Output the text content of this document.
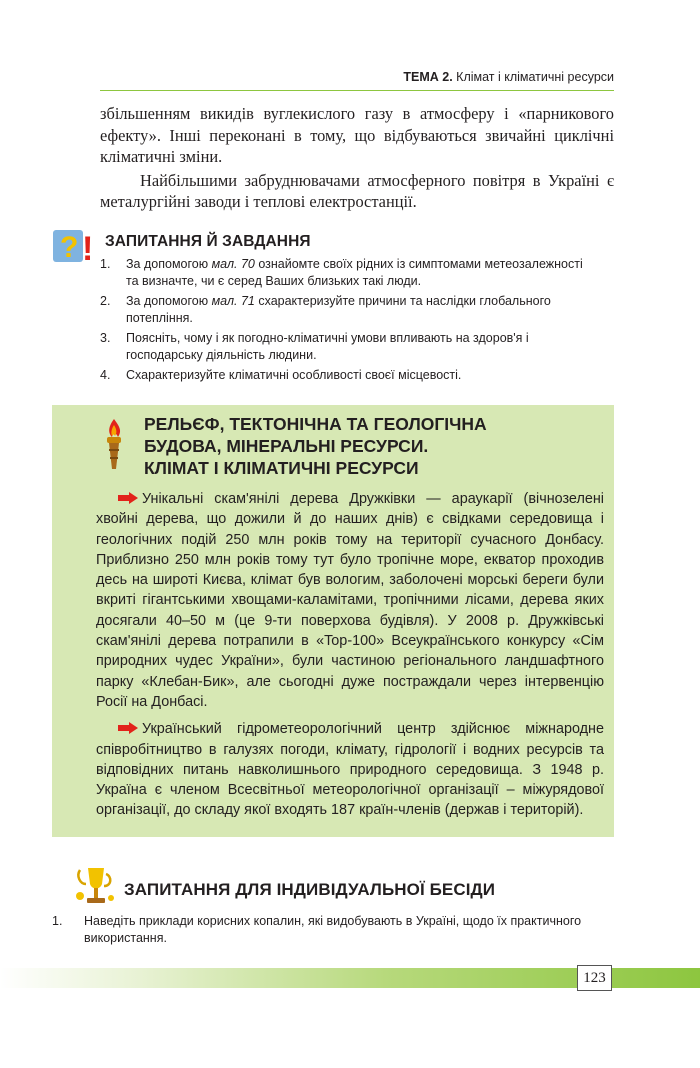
ТЕМА 2. Клімат і кліматичні ресурси

збільшенням викидів вуглекислого газу в атмосферу і «парникового ефекту». Інші переконані в тому, що відбуваються звичайні циклічні кліматичні зміни.

Найбільшими забруднювачами атмосферного повітря в Україні є металургійні заводи і теплові електростанції.

? ! ЗАПИТАННЯ Й ЗАВДАННЯ
1. За допомогою мал. 70 ознайомте своїх рідних із симптомами метеозалежності та визначте, чи є серед Ваших близьких такі люди.
2. За допомогою мал. 71 схарактеризуйте причини та наслідки глобального потепління.
3. Поясніть, чому і як погодно-кліматичні умови впливають на здоров'я і господарську діяльність людини.
4. Схарактеризуйте кліматичні особливості своєї місцевості.
РЕЛЬЄФ, ТЕКТОНІЧНА ТА ГЕОЛОГІЧНА
БУДОВА, МІНЕРАЛЬНІ РЕСУРСИ.
КЛІМАТ І КЛІМАТИЧНІ РЕСУРСИ

Унікальні скам'янілі дерева Дружківки — араукарії (вічнозелені хвойні дерева, що дожили й до наших днів) є свідками середовища і геологічних подій 250 млн років тому на території сучасного Донбасу. Приблизно 250 млн років тому тут було тропічне море, екватор проходив десь на широті Києва, клімат був вологим, заболочені морські береги були вкриті гігантськими хвощами-каламітами, тропічними лісами, дерева яких досягали 40–50 м (це 9-ти поверхова будівля). У 2008 р. Дружківські скам'янілі дерева потрапили в «Top-100» Всеукраїнського конкурсу «Сім природних чудес України», були частиною регіонального ландшафтного парку «Клебан-Бик», але сьогодні дуже постраждали через інтервенцію Росії на Донбасі.

Український гідрометеорологічний центр здійснює міжнародне співробітництво в галузях погоди, клімату, гідрології і водних ресурсів та відповідних питань навколишнього природного середовища. З 1948 р. Україна є членом Всесвітньої метеорологічної організації – міжурядової організації, до складу якої входять 187 країн-членів (держав і територій).

ЗАПИТАННЯ ДЛЯ ІНДИВІДУАЛЬНОЇ БЕСІДИ
1. Наведіть приклади корисних копалин, які видобувають в Україні, щодо їх практичного використання.
123
